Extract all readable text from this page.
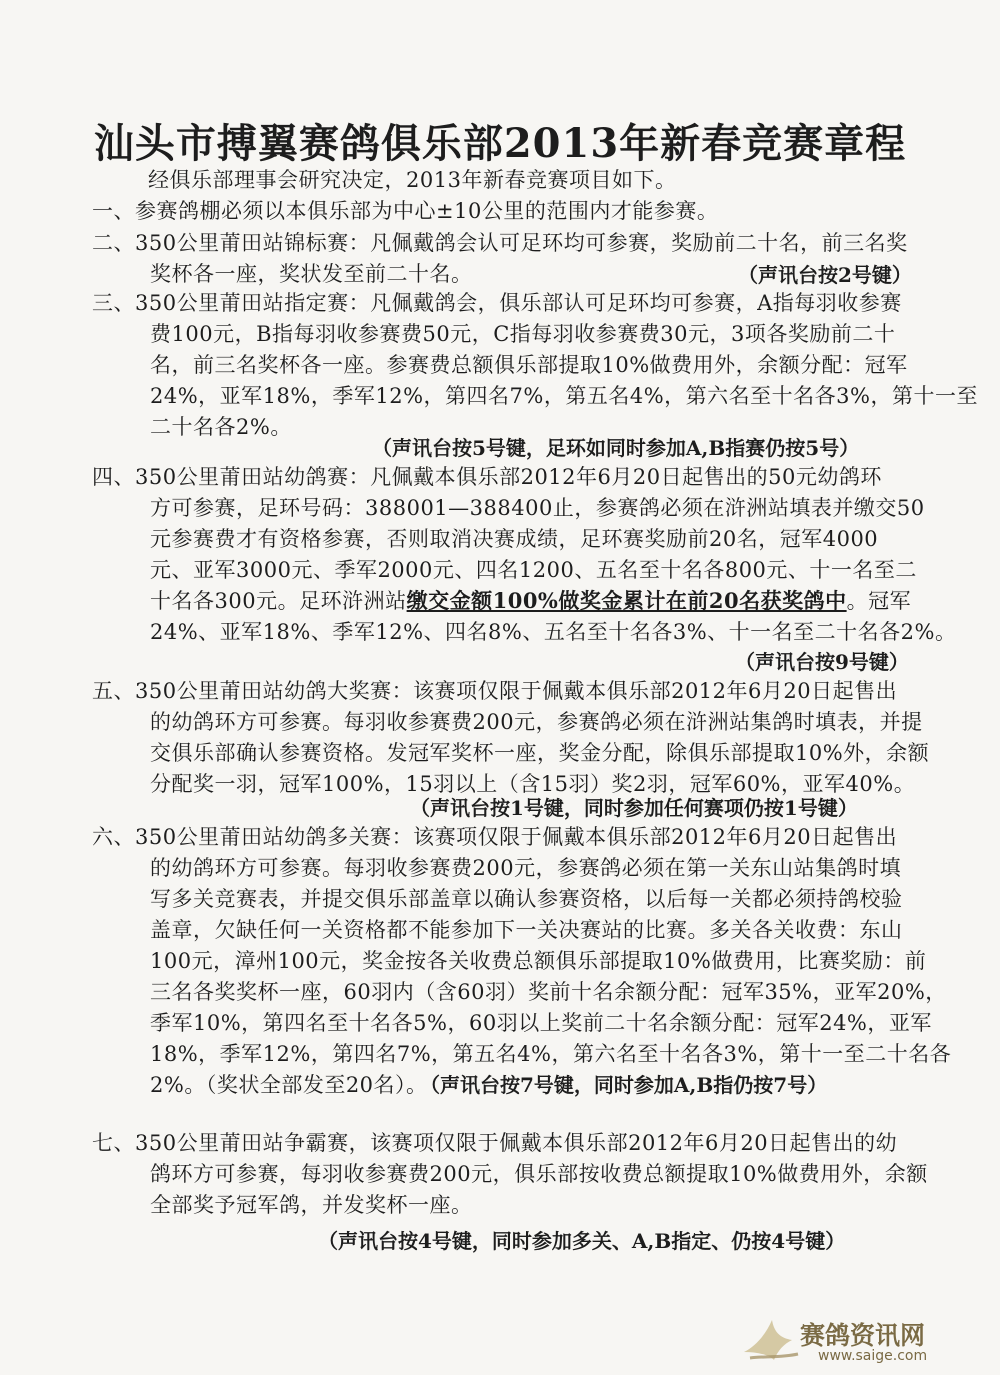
汕头市搏翼赛鸽俱乐部2013年新春竞赛章程
经俱乐部理事会研究决定，2013年新春竞赛项目如下。
一、参赛鸽棚必须以本俱乐部为中心±10公里的范围内才能参赛。
二、350公里莆田站锦标赛：凡佩戴鸽会认可足环均可参赛，奖励前二十名，前三名奖
奖杯各一座，奖状发至前二十名。	（声讯台按2号键）
三、350公里莆田站指定赛：凡佩戴鸽会，俱乐部认可足环均可参赛，A指每羽收参赛
费100元，B指每羽收参赛费50元，C指每羽收参赛费30元，3项各奖励前二十
名，前三名奖杯各一座。参赛费总额俱乐部提取10%做费用外，余额分配：冠军
24%，亚军18%，季军12%，第四名7%，第五名4%，第六名至十名各3%，第十一至
二十名各2%。
（声讯台按5号键，足环如同时参加A,B指赛仍按5号）
四、350公里莆田站幼鸽赛：凡佩戴本俱乐部2012年6月20日起售出的50元幼鸽环
方可参赛，足环号码：388001—388400止，参赛鸽必须在浒洲站填表并缴交50
元参赛费才有资格参赛，否则取消决赛成绩，足环赛奖励前20名，冠军4000
元、亚军3000元、季军2000元、四名1200、五名至十名各800元、十一名至二
十名各300元。足环浒洲站缴交金额100%做奖金累计在前20名获奖鸽中。冠军
24%、亚军18%、季军12%、四名8%、五名至十名各3%、十一名至二十名各2%。
（声讯台按9号键）
五、350公里莆田站幼鸽大奖赛：该赛项仅限于佩戴本俱乐部2012年6月20日起售出
的幼鸽环方可参赛。每羽收参赛费200元，参赛鸽必须在浒洲站集鸽时填表，并提
交俱乐部确认参赛资格。发冠军奖杯一座，奖金分配，除俱乐部提取10%外，余额
分配奖一羽，冠军100%，15羽以上（含15羽）奖2羽，冠军60%，亚军40%。
（声讯台按1号键，同时参加任何赛项仍按1号键）
六、350公里莆田站幼鸽多关赛：该赛项仅限于佩戴本俱乐部2012年6月20日起售出
的幼鸽环方可参赛。每羽收参赛费200元，参赛鸽必须在第一关东山站集鸽时填
写多关竞赛表，并提交俱乐部盖章以确认参赛资格，以后每一关都必须持鸽校验
盖章，欠缺任何一关资格都不能参加下一关决赛站的比赛。多关各关收费：东山
100元，漳州100元，奖金按各关收费总额俱乐部提取10%做费用，比赛奖励：前
三名各奖奖杯一座，60羽内（含60羽）奖前十名余额分配：冠军35%，亚军20%，
季军10%，第四名至十名各5%，60羽以上奖前二十名余额分配：冠军24%，亚军
18%，季军12%，第四名7%，第五名4%，第六名至十名各3%，第十一至二十名各
2%。（奖状全部发至20名）。
（声讯台按7号键，同时参加A,B指仍按7号）
七、350公里莆田站争霸赛，该赛项仅限于佩戴本俱乐部2012年6月20日起售出的幼
鸽环方可参赛，每羽收参赛费200元，俱乐部按收费总额提取10%做费用外，余额
全部奖予冠军鸽，并发奖杯一座。
（声讯台按4号键，同时参加多关、A,B指定、仍按4号键）
赛鸽资讯网
www.saige.com
